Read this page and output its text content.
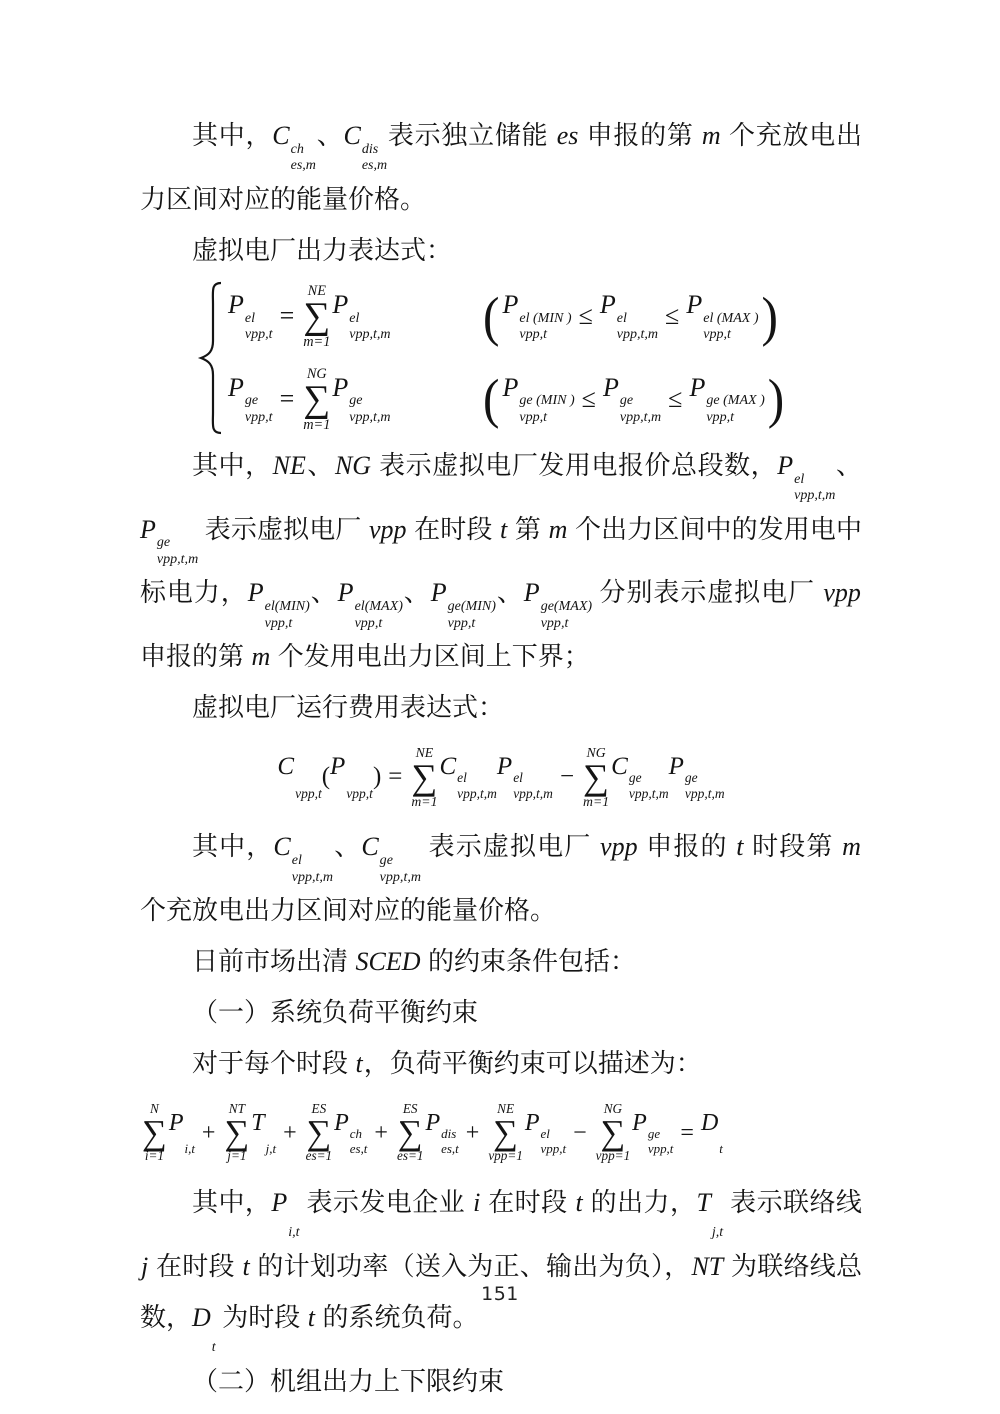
其中，C ch
es,m
、C dis
es,m
表示独立储能 es 申报的第 m 个充放电出力区间对应的能量价格。

虚拟电厂出力表达式：

P el
vpp,t
=
NE
∑
m=1
P el
vpp,t,m ( P el (MIN )
vpp,t
≤ P el
vpp,t,m
≤ P el (MAX )
vpp,t )
P ge
vpp,t
=
NG
∑
m=1
P ge
vpp,t,m ( P ge (MIN )
vpp,t
≤ P ge
vpp,t,m
≤ P ge (MAX )
vpp,t )

其中，NE、NG 表示虚拟电厂发用电报价总段数，P el
vpp,t,m
、P ge
vpp,t,m
表示虚拟电厂 vpp 在时段 t 第 m 个出力区间中的发用电中标电力，P el(MIN)
vpp,t
、P el(MAX)
vpp,t
、P ge(MIN)
vpp,t
、P ge(MAX)
vpp,t
分别表示虚拟电厂 vpp 申报的第 m 个发用电出力区间上下界；

虚拟电厂运行费用表达式：

C

vpp,t
( P

vpp,t
) =
NE
∑
m=1
C el
vpp,t,m
P el
vpp,t,m
−
NG
∑
m=1
C ge
vpp,t,m
P ge
vpp,t,m

其中，C el
vpp,t,m
、C ge
vpp,t,m
表示虚拟电厂 vpp 申报的 t 时段第 m 个充放电出力区间对应的能量价格。

日前市场出清 SCED 的约束条件包括：

（一）系统负荷平衡约束

对于每个时段 t，负荷平衡约束可以描述为：

N
∑
i=1
P

i,t
+
NT
∑
j=1
T

j,t
+
ES
∑
es=1
P ch
es,t
+
ES
∑
es=1
P dis
es,t
+
NE
∑
vpp=1
P el
vpp,t
−
NG
∑
vpp=1
P ge
vpp,t
= D

t

其中，P

i,t
表示发电企业 i 在时段 t 的出力，T

j,t
表示联络线 j 在时段 t 的计划功率（送入为正、输出为负），NT 为联络线总数，D

t
为时段 t 的系统负荷。

（二）机组出力上下限约束

151
